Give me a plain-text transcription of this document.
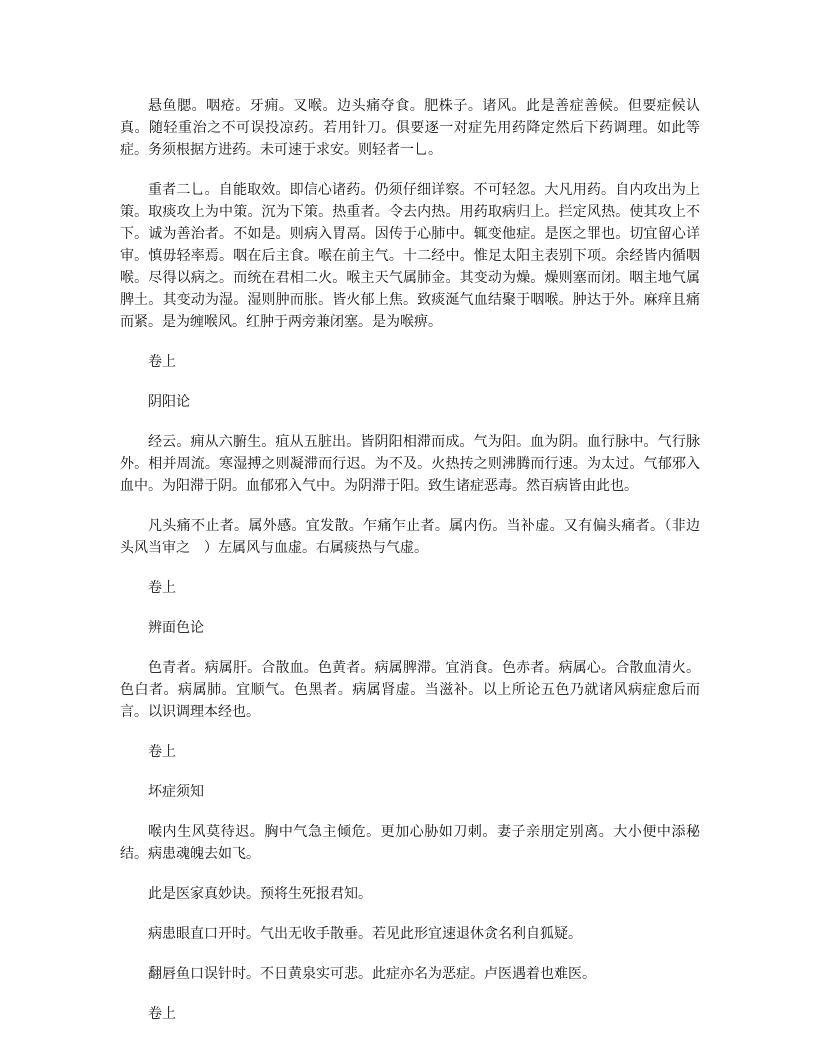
悬鱼腮。咽疮。牙痈。叉喉。边头痛夺食。肥株子。诸风。此是善症善候。但要症候认真。随轻重治之不可误投凉药。若用针刀。俱要逐一对症先用药降定然后下药调理。如此等症。务须根据方进药。未可速于求安。则轻者一乚。

重者二乚。自能取效。即信心诸药。仍须仔细详察。不可轻忽。大凡用药。自内攻出为上策。取痰攻上为中策。沉为下策。热重者。令去内热。用药取病归上。拦定风热。使其攻上不下。诚为善治者。不如是。则病入胃鬲。因传于心肺中。辄变他症。是医之罪也。切宜留心详审。慎毋轻率焉。咽在后主食。喉在前主气。十二经中。惟足太阳主表别下项。余经皆内循咽喉。尽得以病之。而统在君相二火。喉主天气属肺金。其变动为燥。燥则塞而闭。咽主地气属脾土。其变动为湿。湿则肿而胀。皆火郁上焦。致痰涎气血结聚于咽喉。肿达于外。麻痒且痛而紧。是为缠喉风。红肿于两旁兼闭塞。是为喉痹。

卷上

阴阳论

经云。痈从六腑生。疽从五脏出。皆阴阳相滞而成。气为阳。血为阴。血行脉中。气行脉外。相并周流。寒湿搏之则凝滞而行迟。为不及。火热抟之则沸腾而行速。为太过。气郁邪入血中。为阳滞于阴。血郁邪入气中。为阴滞于阳。致生诸症恶毒。然百病皆由此也。

凡头痛不止者。属外感。宜发散。乍痛乍止者。属内伤。当补虚。又有偏头痛者。（非边头风当审之　）左属风与血虚。右属痰热与气虚。

卷上

辨面色论

色青者。病属肝。合散血。色黄者。病属脾滞。宜消食。色赤者。病属心。合散血清火。色白者。病属肺。宜顺气。色黑者。病属肾虚。当滋补。以上所论五色乃就诸风病症愈后而言。以识调理本经也。

卷上

坏症须知

喉内生风莫待迟。胸中气急主倾危。更加心胁如刀刺。妻子亲朋定别离。大小便中添秘结。病患魂魄去如飞。

此是医家真妙诀。预将生死报君知。

病患眼直口开时。气出无收手散垂。若见此形宜速退休贪名利自狐疑。

翻唇鱼口误针时。不日黄泉实可悲。此症亦名为恶症。卢医遇着也难医。

卷上
